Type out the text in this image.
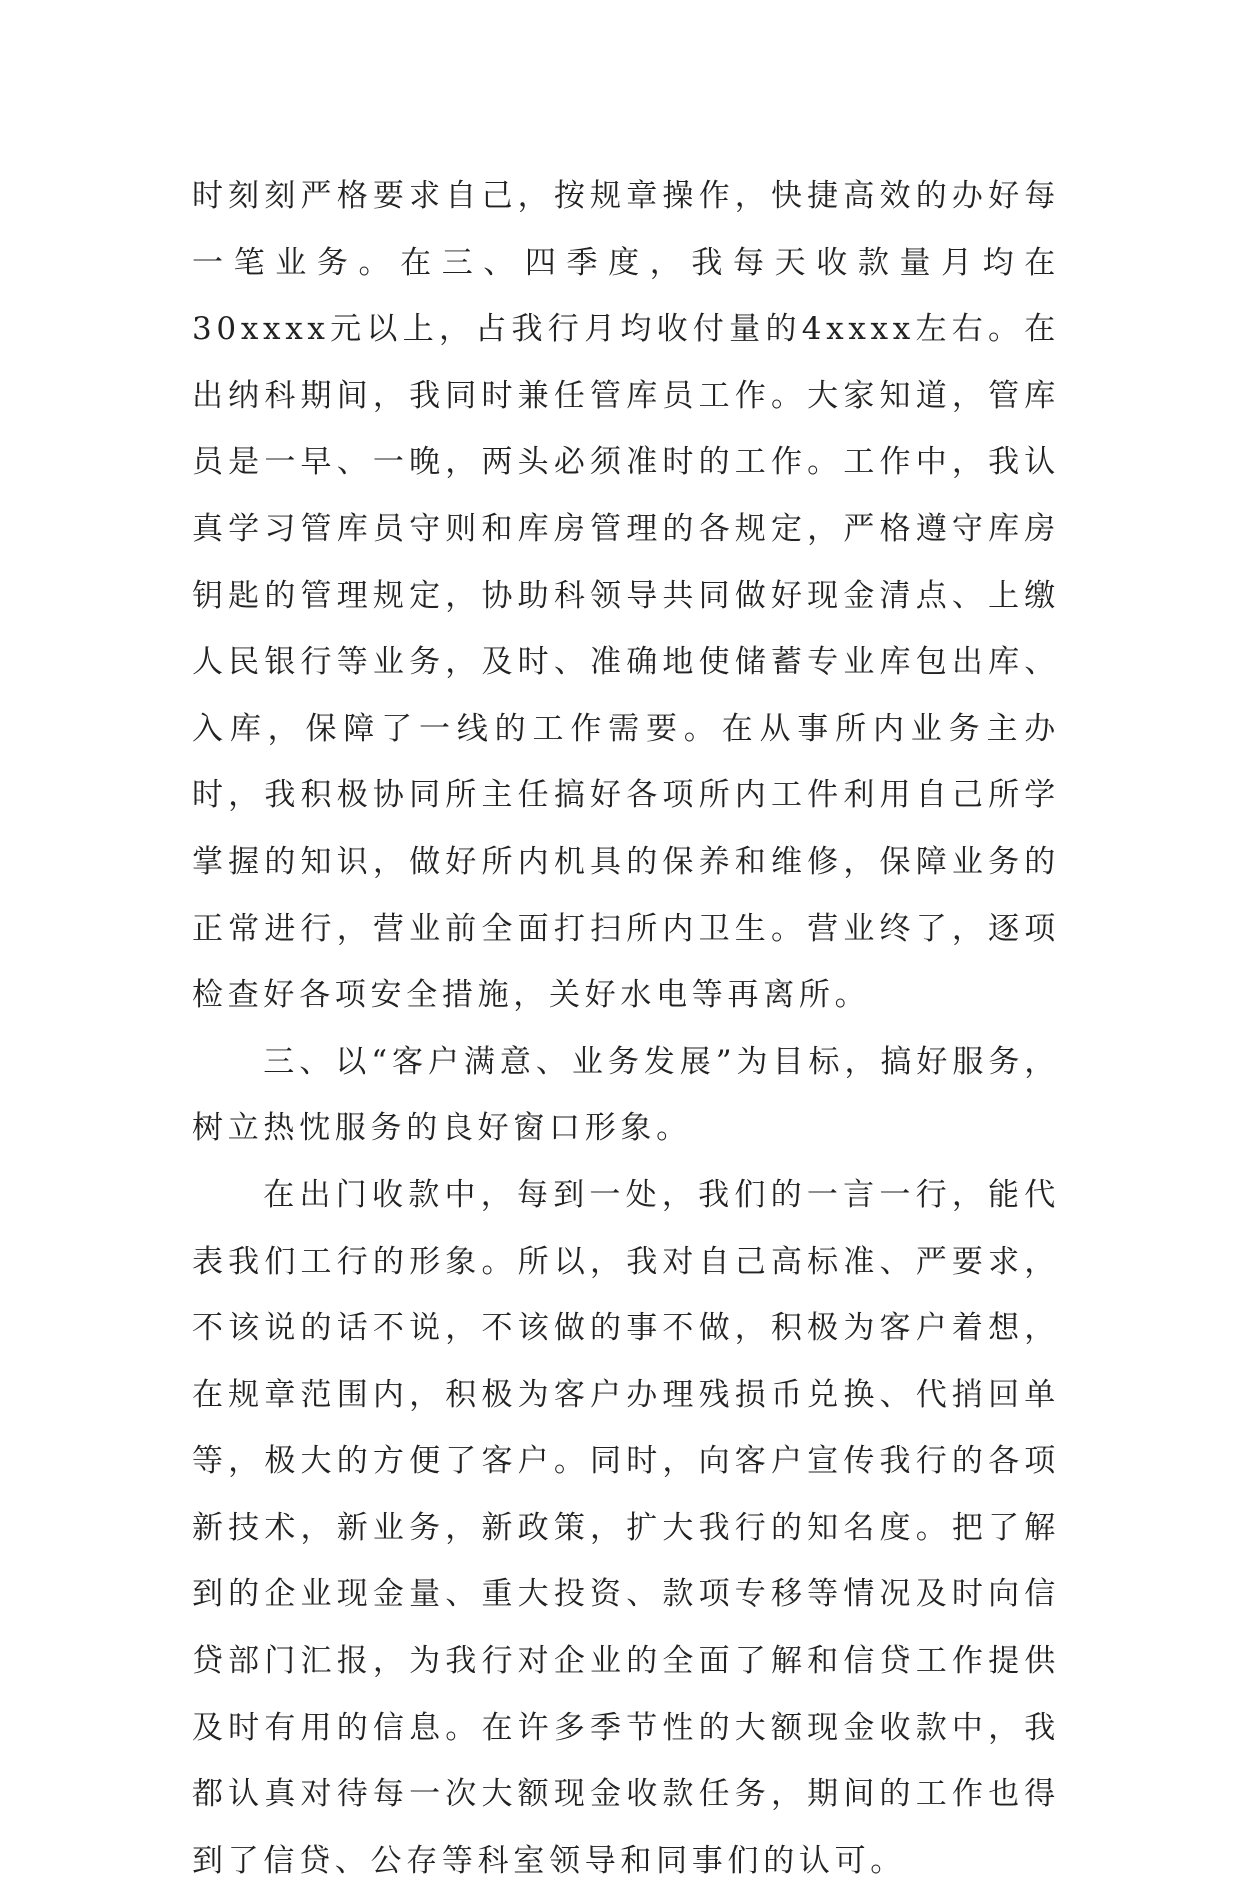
时刻刻严格要求自己，按规章操作，快捷高效的办好每一笔业务。在三、四季度，我每天收款量月均在30xxxx元以上，占我行月均收付量的4xxxx左右。在出纳科期间，我同时兼任管库员工作。大家知道，管库员是一早、一晚，两头必须准时的工作。工作中，我认真学习管库员守则和库房管理的各规定，严格遵守库房钥匙的管理规定，协助科领导共同做好现金清点、上缴人民银行等业务，及时、准确地使储蓄专业库包出库、入库，保障了一线的工作需要。在从事所内业务主办时，我积极协同所主任搞好各项所内工件利用自己所学掌握的知识，做好所内机具的保养和维修，保障业务的正常进行，营业前全面打扫所内卫生。营业终了，逐项检查好各项安全措施，关好水电等再离所。

三、以“客户满意、业务发展”为目标，搞好服务，树立热忱服务的良好窗口形象。

在出门收款中，每到一处，我们的一言一行，能代表我们工行的形象。所以，我对自己高标准、严要求，不该说的话不说，不该做的事不做，积极为客户着想，在规章范围内，积极为客户办理残损币兑换、代捎回单等，极大的方便了客户。同时，向客户宣传我行的各项新技术，新业务，新政策，扩大我行的知名度。把了解到的企业现金量、重大投资、款项专移等情况及时向信贷部门汇报，为我行对企业的全面了解和信贷工作提供及时有用的信息。在许多季节性的大额现金收款中，我都认真对待每一次大额现金收款任务，期间的工作也得到了信贷、公存等科室领导和同事们的认可。
